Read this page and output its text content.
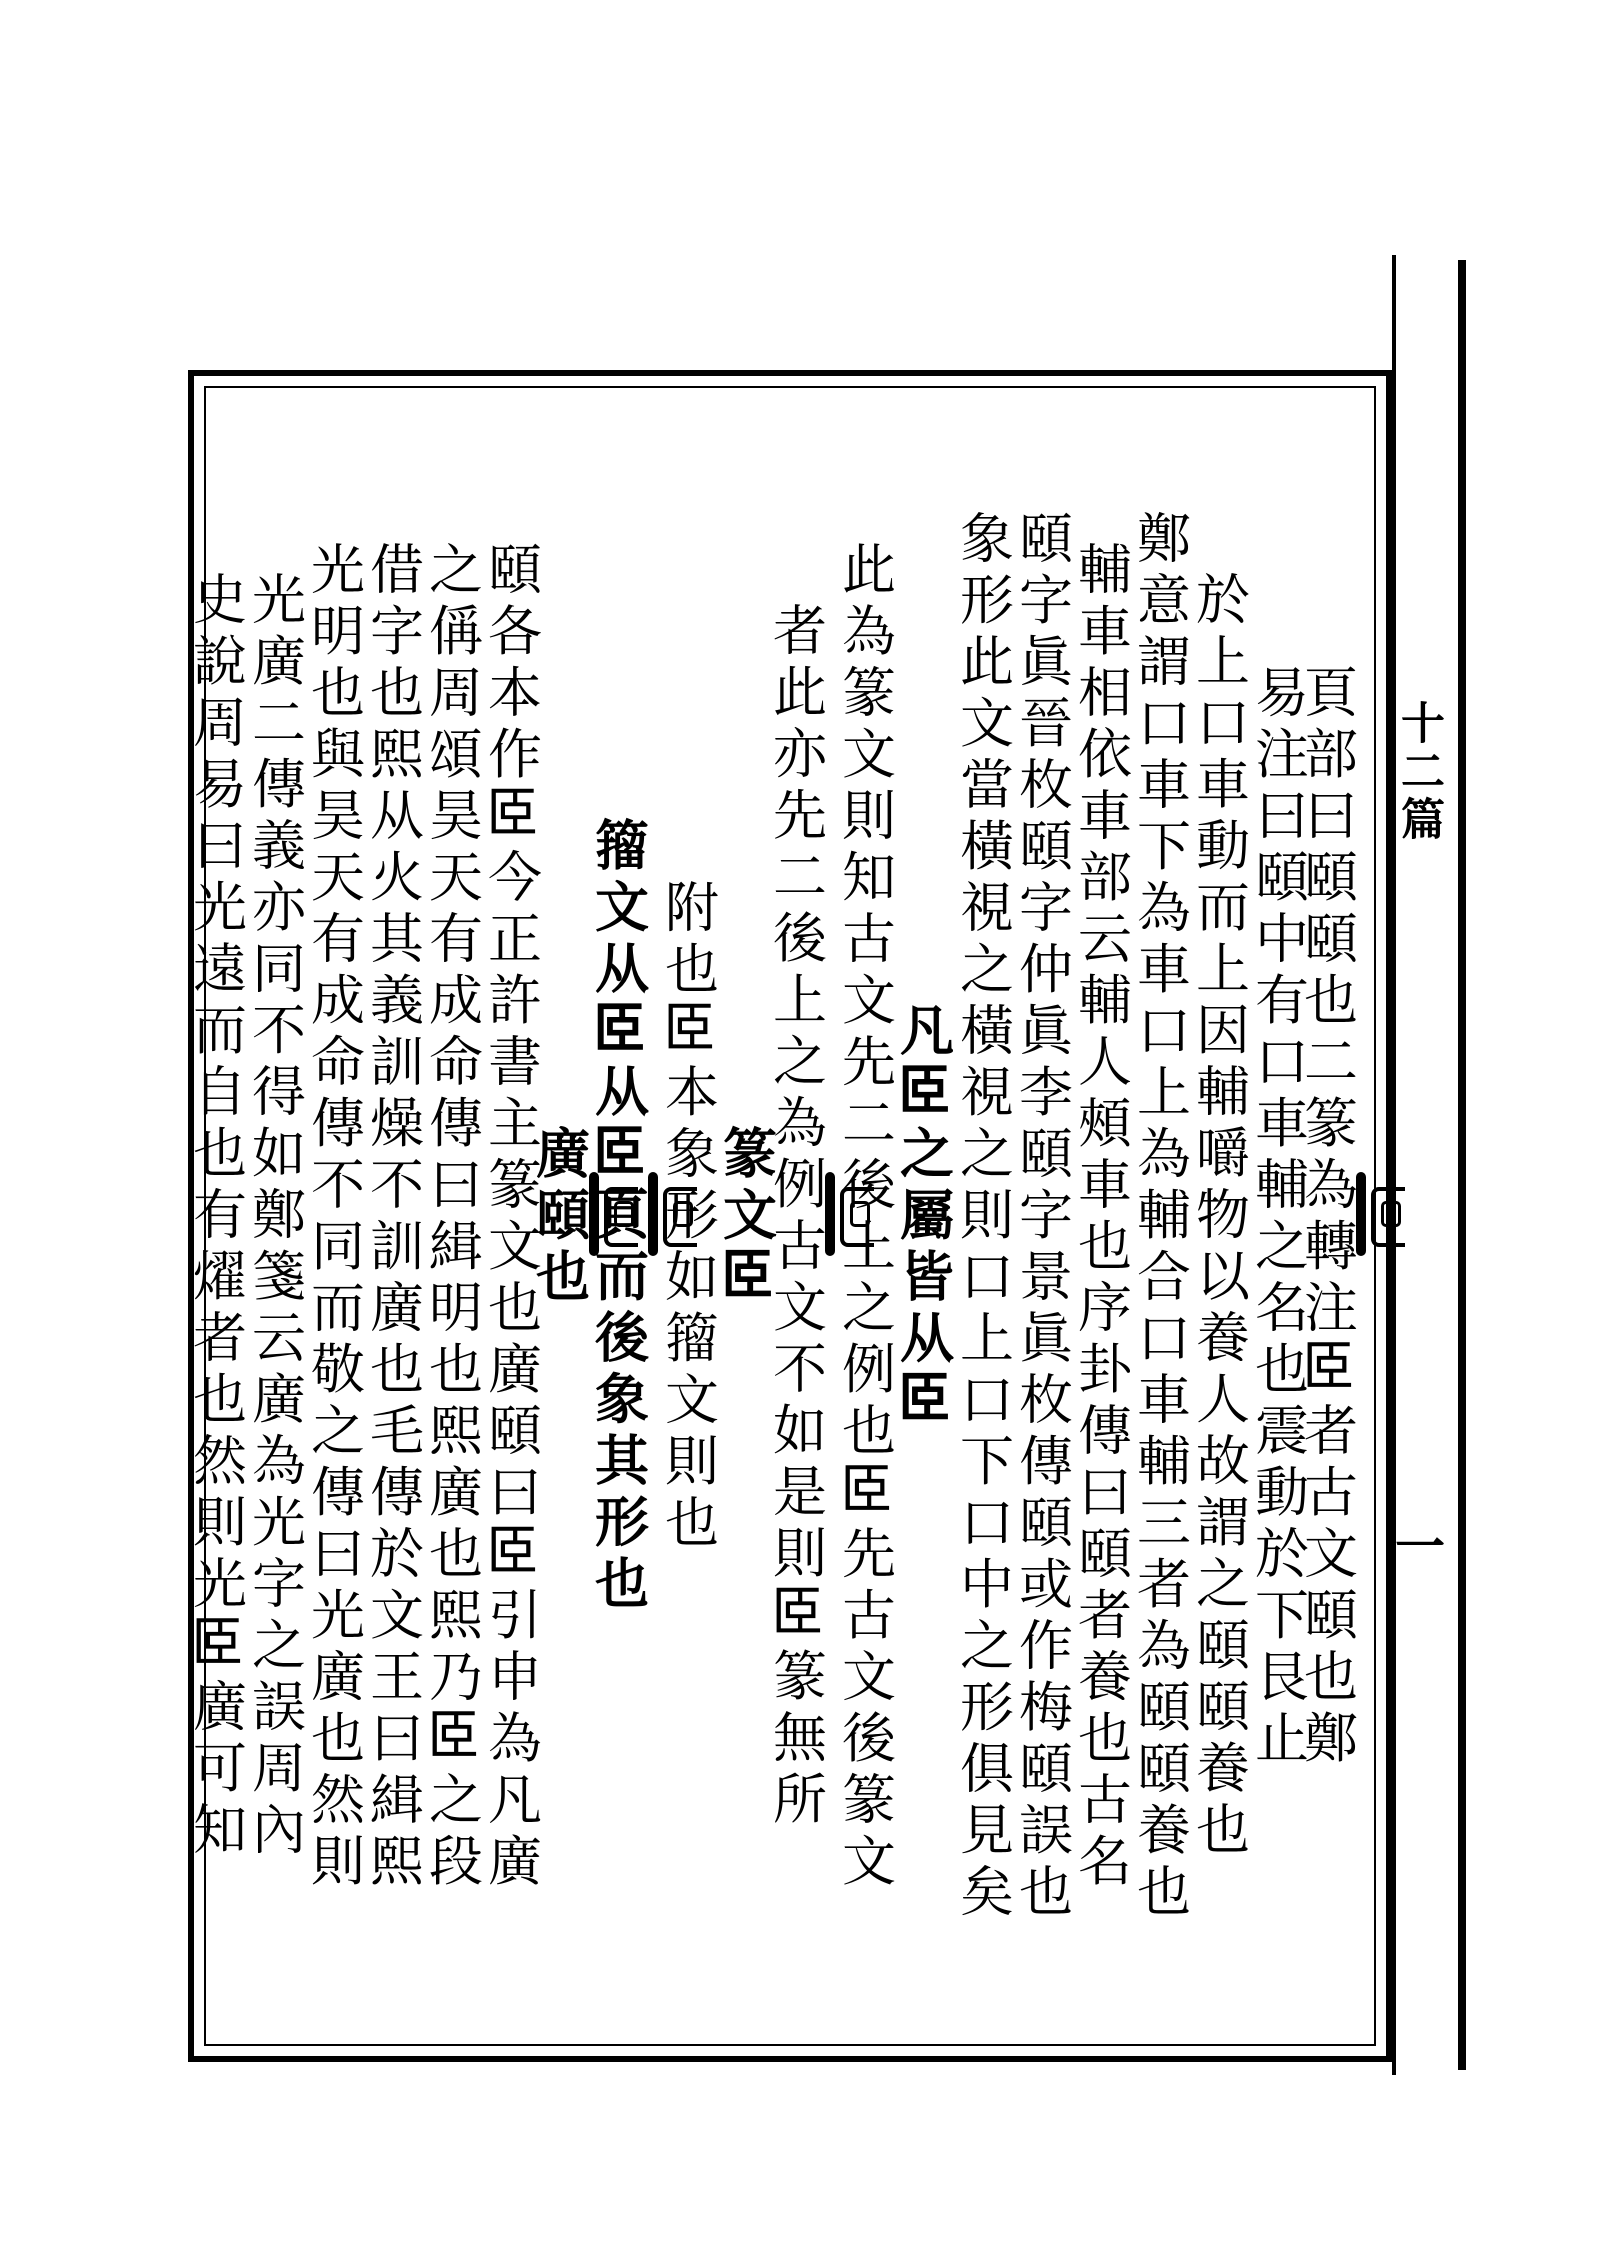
十二篇
一
頁部曰頤頤也二篆為轉注𦣞者古文頤也鄭
易注曰頤中有口車輔之名也震動於下艮止
於上口車動而上因輔嚼物以養人故謂之頤頤養也
鄭意謂口車下為車口上為輔合口車輔三者為頤頤養也
輔車相依車部云輔人頰車也序卦傳曰頤者養也古名
頤字眞晉枚頤字仲眞李頤字景眞枚傳頤或作梅頤誤也
象形此文當橫視之橫視之則口上口下口中之形俱見矣
凡𦣞之屬皆从𦣞
此為篆文則知古文先二後上之例也𦣞先古文後篆文
者此亦先二後上之為例古文不如是則𦣞篆無所
篆文𦣞
附也𦣞本象形如籀文則也
籀文从𦣞从𦣞頁而後象其形也
廣頤也
頤各本作𦣞今正許書主篆文也廣頤曰𦣞引申為凡廣
之偁周頌昊天有成命傳曰緝明也熙廣也熙乃𦣞之段
借字也熙从火其義訓燥不訓廣也毛傳於文王曰緝熙
光明也與昊天有成命傳不同而敬之傳曰光廣也然則
光廣二傳義亦同不得如鄭箋云廣為光字之誤周內
史說周易曰光遠而自也有燿者也然則光𦣞廣可知
